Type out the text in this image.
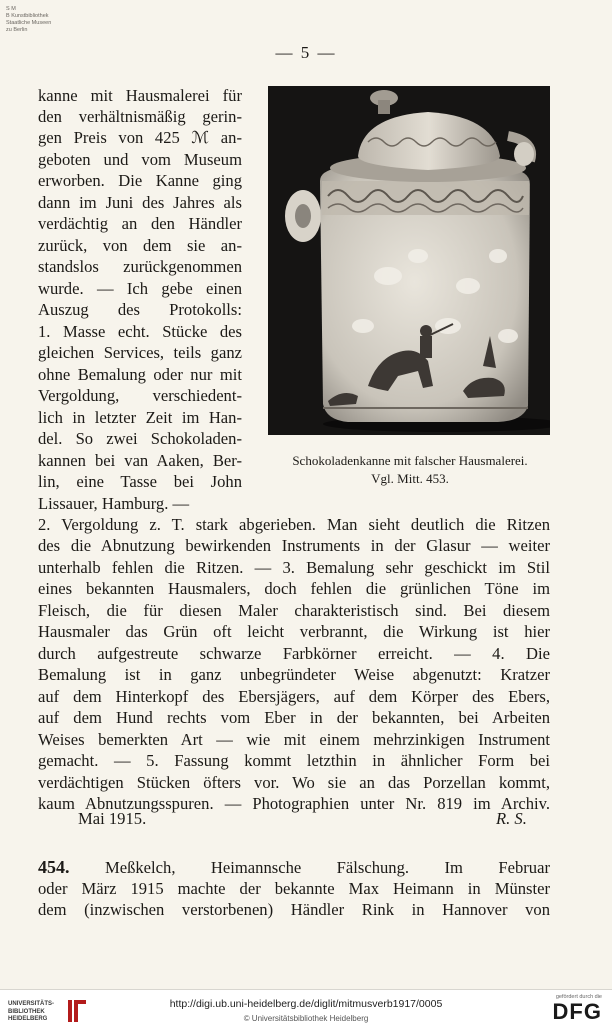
S M
B Kunstbibliothek
Staatliche Museen
zu Berlin
— 5 —
kanne mit Hausmalerei für
den verhältnismäßig gerin-
gen Preis von 425 ℳ an-
geboten und vom Museum
erworben. Die Kanne ging
dann im Juni des Jahres als
verdächtig an den Händler
zurück, von dem sie an-
standslos zurückgenommen
wurde. — Ich gebe einen
Auszug des Protokolls:
1. Masse echt. Stücke des
gleichen Services, teils ganz
ohne Bemalung oder nur mit
Vergoldung, verschiedent-
lich in letzter Zeit im Han-
del. So zwei Schokoladen-
kannen bei van Aaken, Ber-
lin, eine Tasse bei John
Lissauer, Hamburg. —
Schokoladenkanne mit falscher Hausmalerei.
Vgl. Mitt. 453.
2. Vergoldung z. T. stark abgerieben. Man sieht deutlich die Ritzen
des die Abnutzung bewirkenden Instruments in der Glasur — weiter
unterhalb fehlen die Ritzen. — 3. Bemalung sehr geschickt im Stil
eines bekannten Hausmalers, doch fehlen die grünlichen Töne im
Fleisch, die für diesen Maler charakteristisch sind. Bei diesem
Hausmaler das Grün oft leicht verbrannt, die Wirkung ist hier
durch aufgestreute schwarze Farbkörner erreicht. — 4. Die
Bemalung ist in ganz unbegründeter Weise abgenutzt: Kratzer
auf dem Hinterkopf des Ebersjägers, auf dem Körper des Ebers,
auf dem Hund rechts vom Eber in der bekannten, bei Arbeiten
Weises bemerkten Art — wie mit einem mehrzinkigen Instrument
gemacht. — 5. Fassung kommt letzthin in ähnlicher Form bei
verdächtigen Stücken öfters vor. Wo sie an das Porzellan kommt,
kaum Abnutzungsspuren. — Photographien unter Nr. 819 im Archiv.
Mai 1915.	R. S.
454. Meßkelch, Heimannsche Fälschung. Im Februar
oder März 1915 machte der bekannte Max Heimann in Münster
dem (inzwischen verstorbenen) Händler Rink in Hannover von
UNIVERSITÄTS-
BIBLIOTHEK
HEIDELBERG
http://digi.ub.uni-heidelberg.de/diglit/mitmusverb1917/0005
© Universitätsbibliothek Heidelberg
gefördert durch die
DFG
